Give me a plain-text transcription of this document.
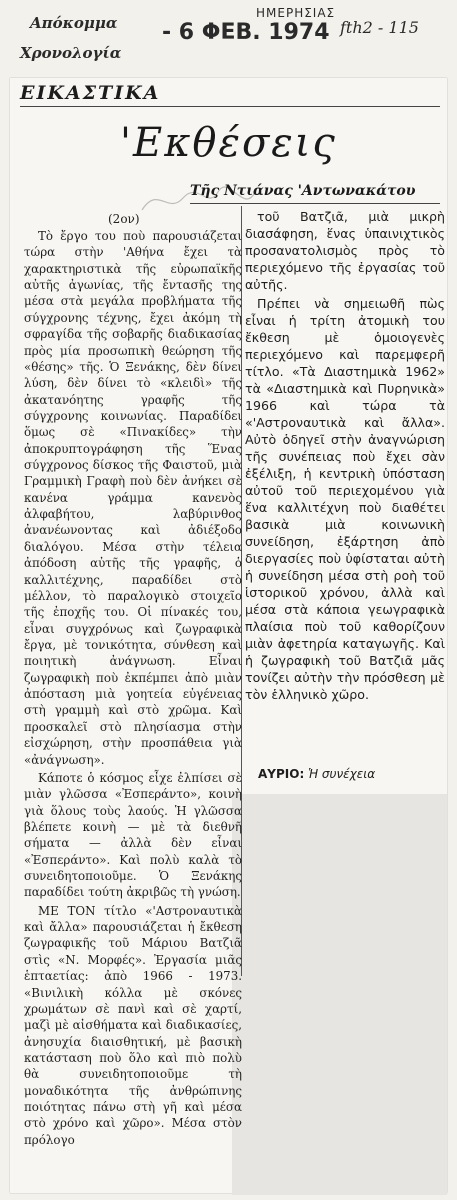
Απόκομμα
Χρονολογία
ΗΜΕΡΗΣΙΑΣ
- 6 ΦΕΒ. 1974 fth2 - 115
ΕΙΚΑΣΤΙΚΑ
'Εκθέσεις
Τῆς Ντιάνας 'Αντωνακάτου
(2ον)

Τὸ ἔργο του ποὺ παρουσιάζεται τώρα στὴν 'Αθήνα ἔχει τὰ χαρακτηριστικὰ τῆς εὐρωπαϊκῆς αὐτῆς ἀγωνίας, τῆς ἔντασῆς της μέσα στὰ μεγάλα προβλήματα τῆς σύγχρονης τέχνης, ἔχει ἀκόμη τὴ σφραγίδα τῆς σοβαρῆς διαδικασίας πρὸς μία προσωπικὴ θεώρηση τῆς «θέσης» τῆς. Ὁ Ξενάκης, δὲν δίνει λύση, δὲν δίνει τὸ «κλειδὶ» τῆς ἀκατανόητης γραφῆς τῆς σύγχρονης κοινωνίας. Παραδίδει ὅμως σὲ «Πινακίδες» τὴν ἀποκρυπτογράφηση τῆς Ἕνας σύγχρονος δίσκος τῆς Φαιστοῦ, μιὰ Γραμμικὴ Γραφὴ ποὺ δὲν ἀνήκει σὲ κανένα γράμμα κανενὸς ἀλφαβήτου, λαβύρινθος ἀνανέωνοντας καὶ ἀδιέξοδο διαλόγου. Μέσα στὴν τέλεια ἀπόδοση αὐτῆς τῆς γραφῆς, ὁ καλλιτέχνης, παραδίδει στὸ μέλλον, τὸ παραλογικὸ στοιχεῖο τῆς ἐποχῆς του. Οἱ πίνακές του, εἶναι συγχρόνως καὶ ζωγραφικὰ ἔργα, μὲ τονικότητα, σύνθεση καὶ ποιητικὴ ἀνάγνωση. Εἶναι ζωγραφικὴ ποὺ ἐκπέμπει ἀπὸ μιὰν ἀπόσταση μιὰ γοητεία εὐγένειας στὴ γραμμὴ καὶ στὸ χρῶμα. Καὶ προσκαλεῖ στὸ πλησίασμα στὴν εἰσχώρηση, στὴν προσπάθεια γιὰ «ἀνάγνωση».

Κάποτε ὁ κόσμος εἶχε ἐλπίσει σὲ μιὰν γλῶσσα «Ἐσπεράντο», κοινὴ γιὰ ὅλους τοὺς λαούς. Ἡ γλῶσσα βλέπετε κοινὴ — μὲ τὰ διεθνῆ σήματα — ἀλλὰ δὲν εἶναι «Ἐσπεράντο». Καὶ πολὺ καλὰ τὸ συνειδητοποιοῦμε. Ὁ Ξενάκης παραδίδει τούτη ἀκριβῶς τὴ γνώση.

ΜΕ ΤΟΝ τίτλο «'Αστροναυτικὰ καὶ ἄλλα» παρουσιάζεται ἡ ἔκθεση ζωγραφικῆς τοῦ Μάριου Βατζιᾶ στὶς «Ν. Μορφές». Ἐργασία μιᾶς ἑπταετίας: ἀπὸ 1966 - 1973. «Βινιλικὴ κόλλα μὲ σκόνες χρωμάτων σὲ πανὶ καὶ σὲ χαρτί, μαζὶ μὲ αἰσθήματα καὶ διαδικασίες, ἀνησυχία διαισθητική, μὲ βασικὴ κατάσταση ποὺ ὅλο καὶ πιὸ πολὺ θὰ συνειδητοποιοῦμε τὴ μοναδικότητα τῆς ἀνθρώπινης ποιότητας πάνω στὴ γῆ καὶ μέσα στὸ χρόνο καὶ χῶρο». Μέσα στὸν πρόλογο

τοῦ Βατζιᾶ, μιὰ μικρὴ διασάφηση, ἕνας ὑπαινιχτικὸς προσανατολισμὸς πρὸς τὸ περιεχόμενο τῆς ἐργασίας τοῦ αὐτῆς.

Πρέπει νὰ σημειωθῆ πὼς εἶναι ἡ τρίτη ἀτομικὴ του ἔκθεση μὲ ὁμοιογενὲς περιεχόμενο καὶ παρεμφερῆ τίτλο. «Τὰ Διαστημικὰ 1962» τὰ «Διαστημικὰ καὶ Πυρηνικὰ» 1966 καὶ τώρα τὰ «'Αστροναυτικὰ καὶ ἄλλα». Αὐτὸ ὁδηγεῖ στὴν ἀναγνώριση τῆς συνέπειας ποὺ ἔχει σὰν ἐξέλιξη, ἡ κεντρικὴ ὑπόσταση αὐτοῦ τοῦ περιεχομένου γιὰ ἕνα καλλιτέχνη ποὺ διαθέτει βασικὰ μιὰ κοινωνικὴ συνείδηση, ἐξάρτηση ἀπὸ διεργασίες ποὺ ὑφίσταται αὐτὴ ἡ συνείδηση μέσα στὴ ροὴ τοῦ ἱστορικοῦ χρόνου, ἀλλὰ καὶ μέσα στὰ κάποια γεωγραφικὰ πλαίσια ποὺ τοῦ καθορίζουν μιὰν ἀφετηρία καταγωγῆς. Καὶ ἡ ζωγραφικὴ τοῦ Βατζιᾶ μᾶς τονίζει αὐτὴν τὴν πρόσθεση μὲ τὸν ἑλληνικὸ χῶρο.

ΑΥΡΙΟ: Ἡ συνέχεια
